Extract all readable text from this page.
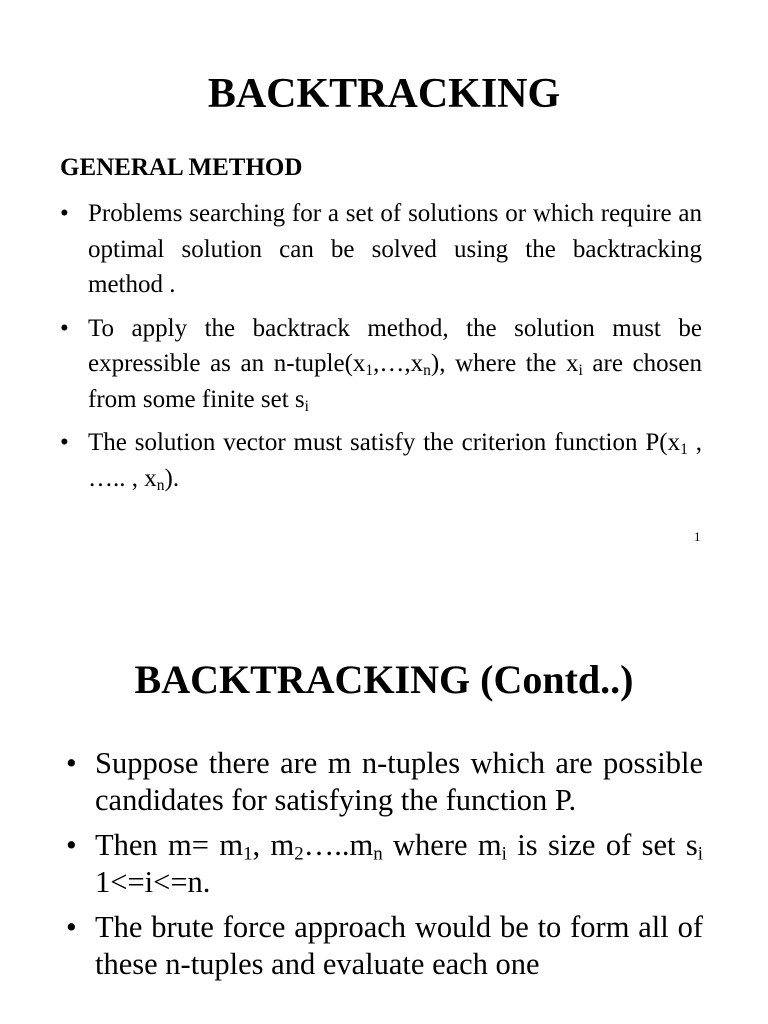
BACKTRACKING
GENERAL METHOD
• Problems searching for a set of solutions or which require an optimal solution can be solved using the backtracking method .
• To apply the backtrack method, the solution must be expressible as an $n-tuple(x_1,\dots,x_n)$, where the $x_i$ are chosen from some finite set $s_i$
• The solution vector must satisfy the criterion function $P(x_1$ , ….. , $x_n$).
1
BACKTRACKING (Contd..)
• Suppose there are m n-tuples which are possible candidates for satisfying the function P.
• Then $m= m_1$, $m_2\dots..m_n$ where $m_i$ is size of set $s_i$ 1<=i<=n.
• The brute force approach would be to form all of these n-tuples and evaluate each one
